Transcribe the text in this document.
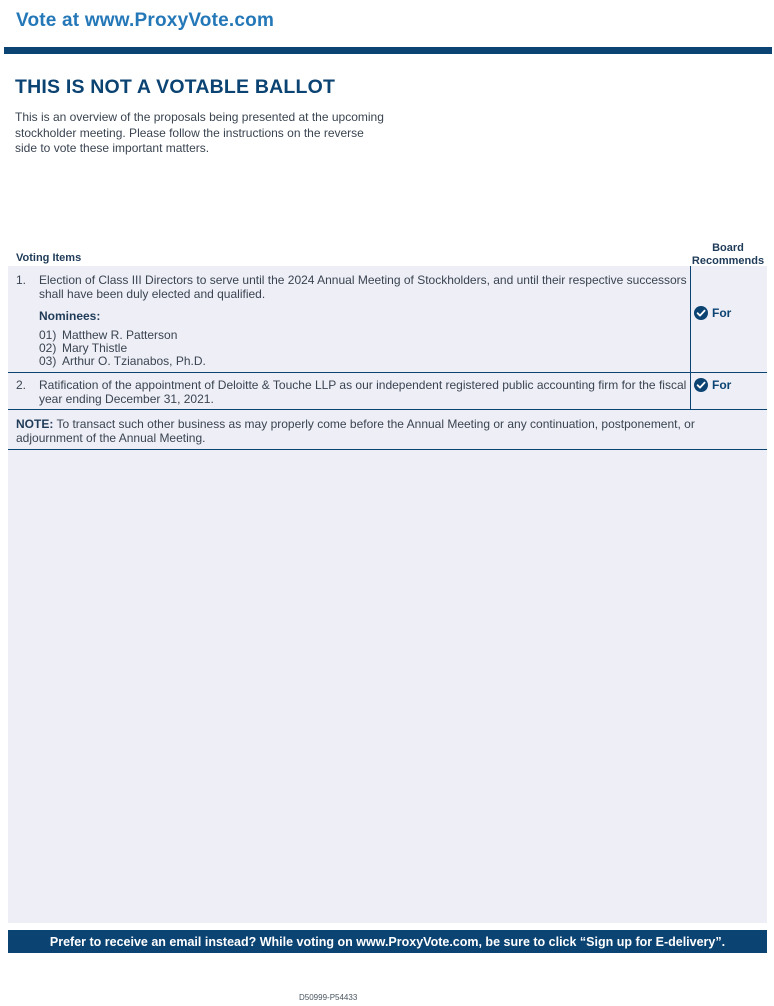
Vote at www.ProxyVote.com
THIS IS NOT A VOTABLE BALLOT
This is an overview of the proposals being presented at the upcoming stockholder meeting. Please follow the instructions on the reverse side to vote these important matters.
Voting Items
Board
Recommends
1. Election of Class III Directors to serve until the 2024 Annual Meeting of Stockholders, and until their respective successors shall have been duly elected and qualified.
Nominees:
01) Matthew R. Patterson
02) Mary Thistle
03) Arthur O. Tzianabos, Ph.D.
For
2. Ratification of the appointment of Deloitte & Touche LLP as our independent registered public accounting firm for the fiscal year ending December 31, 2021.
For
NOTE: To transact such other business as may properly come before the Annual Meeting or any continuation, postponement, or adjournment of the Annual Meeting.
Prefer to receive an email instead? While voting on www.ProxyVote.com, be sure to click “Sign up for E-delivery”.
D50999-P54433
